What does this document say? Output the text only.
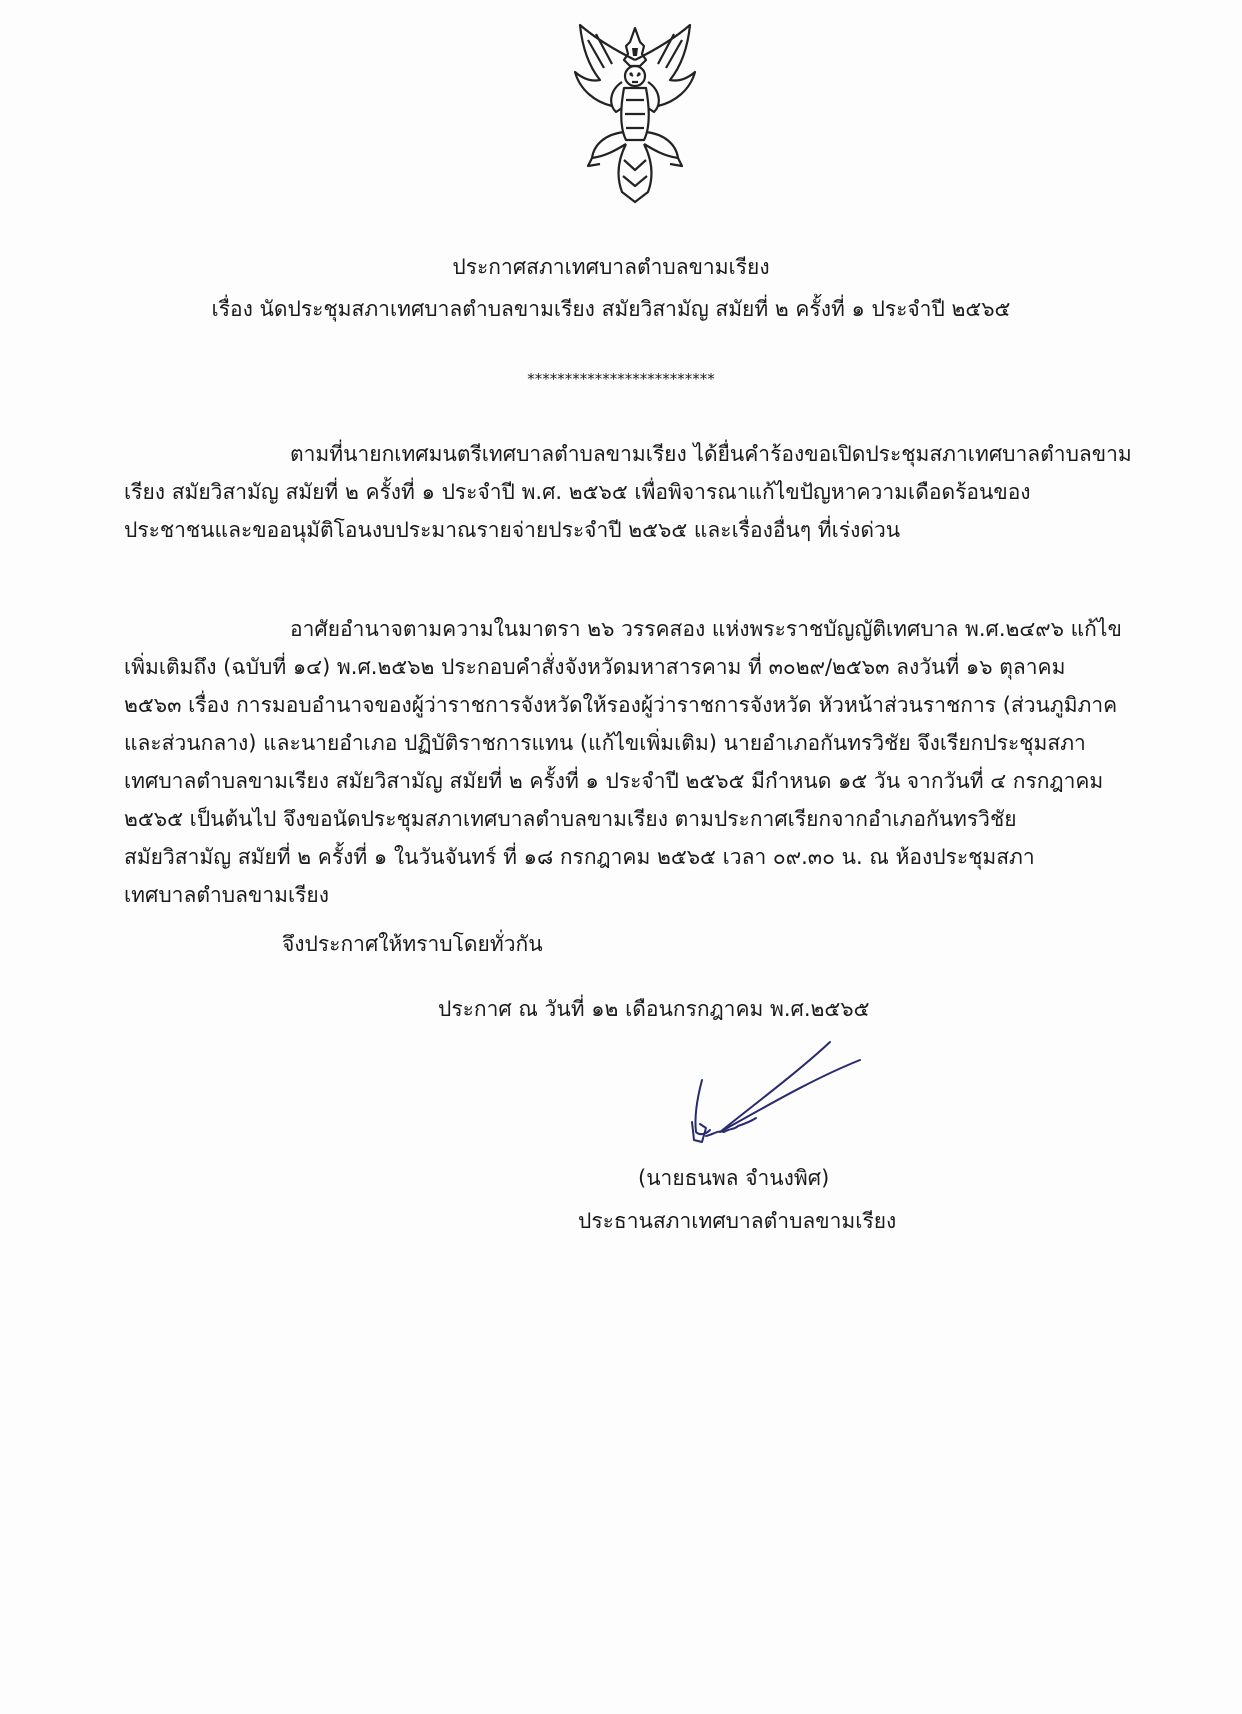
ประกาศสภาเทศบาลตำบลขามเรียง
เรื่อง นัดประชุมสภาเทศบาลตำบลขามเรียง สมัยวิสามัญ สมัยที่ ๒ ครั้งที่ ๑ ประจำปี ๒๕๖๕
*************************
ตามที่นายกเทศมนตรีเทศบาลตำบลขามเรียง ได้ยื่นคำร้องขอเปิดประชุมสภาเทศบาลตำบลขาม
เรียง สมัยวิสามัญ สมัยที่ ๒ ครั้งที่ ๑ ประจำปี พ.ศ. ๒๕๖๕ เพื่อพิจารณาแก้ไขปัญหาความเดือดร้อนของ
ประชาชนและขออนุมัติโอนงบประมาณรายจ่ายประจำปี ๒๕๖๕ และเรื่องอื่นๆ ที่เร่งด่วน
อาศัยอำนาจตามความในมาตรา ๒๖ วรรคสอง แห่งพระราชบัญญัติเทศบาล พ.ศ.๒๔๙๖ แก้ไข
เพิ่มเติมถึง (ฉบับที่ ๑๔) พ.ศ.๒๕๖๒ ประกอบคำสั่งจังหวัดมหาสารคาม ที่ ๓๐๒๙/๒๕๖๓ ลงวันที่ ๑๖ ตุลาคม
๒๕๖๓ เรื่อง การมอบอำนาจของผู้ว่าราชการจังหวัดให้รองผู้ว่าราชการจังหวัด หัวหน้าส่วนราชการ (ส่วนภูมิภาค
และส่วนกลาง) และนายอำเภอ ปฏิบัติราชการแทน (แก้ไขเพิ่มเติม) นายอำเภอกันทรวิชัย จึงเรียกประชุมสภา
เทศบาลตำบลขามเรียง สมัยวิสามัญ สมัยที่ ๒ ครั้งที่ ๑ ประจำปี ๒๕๖๕ มีกำหนด ๑๕ วัน จากวันที่ ๔ กรกฎาคม
๒๕๖๕ เป็นต้นไป จึงขอนัดประชุมสภาเทศบาลตำบลขามเรียง ตามประกาศเรียกจากอำเภอกันทรวิชัย
สมัยวิสามัญ สมัยที่ ๒ ครั้งที่ ๑ ในวันจันทร์ ที่ ๑๘ กรกฎาคม ๒๕๖๕ เวลา ๐๙.๓๐ น. ณ ห้องประชุมสภา
เทศบาลตำบลขามเรียง
จึงประกาศให้ทราบโดยทั่วกัน
ประกาศ ณ วันที่ ๑๒ เดือนกรกฎาคม พ.ศ.๒๕๖๕
(นายธนพล จำนงพิศ)
ประธานสภาเทศบาลตำบลขามเรียง
